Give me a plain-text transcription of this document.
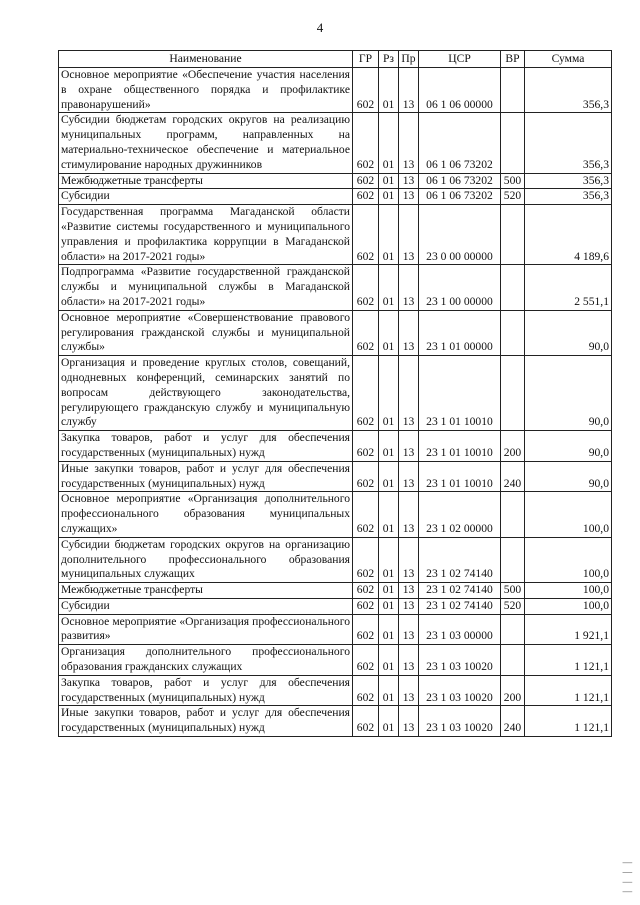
4
Наименование	ГР	Рз	Пр	ЦСР	ВР	Сумма
Основное мероприятие «Обеспечение участия населения в охране общественного порядка и профилактике правонарушений»	602	01	13	06 1 06 00000		356,3
Субсидии бюджетам городских округов на реализацию муниципальных программ, направленных на материально-техническое обеспечение и материальное стимулирование народных дружинников	602	01	13	06 1 06 73202		356,3
Межбюджетные трансферты	602	01	13	06 1 06 73202	500	356,3
Субсидии	602	01	13	06 1 06 73202	520	356,3
Государственная программа Магаданской области «Развитие системы государственного и муниципального управления и профилактика коррупции в Магаданской области» на 2017-2021 годы»	602	01	13	23 0 00 00000		4 189,6
Подпрограмма «Развитие государственной гражданской службы и муниципальной службы в Магаданской области» на 2017-2021 годы»	602	01	13	23 1 00 00000		2 551,1
Основное мероприятие «Совершенствование правового регулирования гражданской службы и муниципальной службы»	602	01	13	23 1 01 00000		90,0
Организация и проведение круглых столов, совещаний, однодневных конференций, семинарских занятий по вопросам действующего законодательства, регулирующего гражданскую службу и муниципальную службу	602	01	13	23 1 01 10010		90,0
Закупка товаров, работ и услуг для обеспечения государственных (муниципальных) нужд	602	01	13	23 1 01 10010	200	90,0
Иные закупки товаров, работ и услуг для обеспечения государственных (муниципальных) нужд	602	01	13	23 1 01 10010	240	90,0
Основное мероприятие «Организация дополнительного профессионального образования муниципальных служащих»	602	01	13	23 1 02 00000		100,0
Субсидии бюджетам городских округов на организацию дополнительного профессионального образования муниципальных служащих	602	01	13	23 1 02 74140		100,0
Межбюджетные трансферты	602	01	13	23 1 02 74140	500	100,0
Субсидии	602	01	13	23 1 02 74140	520	100,0
Основное мероприятие «Организация профессионального развития»	602	01	13	23 1 03 00000		1 921,1
Организация дополнительного профессионального образования гражданских служащих	602	01	13	23 1 03 10020		1 121,1
Закупка товаров, работ и услуг для обеспечения государственных (муниципальных) нужд	602	01	13	23 1 03 10020	200	1 121,1
Иные закупки товаров, работ и услуг для обеспечения государственных (муниципальных) нужд	602	01	13	23 1 03 10020	240	1 121,1
│ │ │ │
